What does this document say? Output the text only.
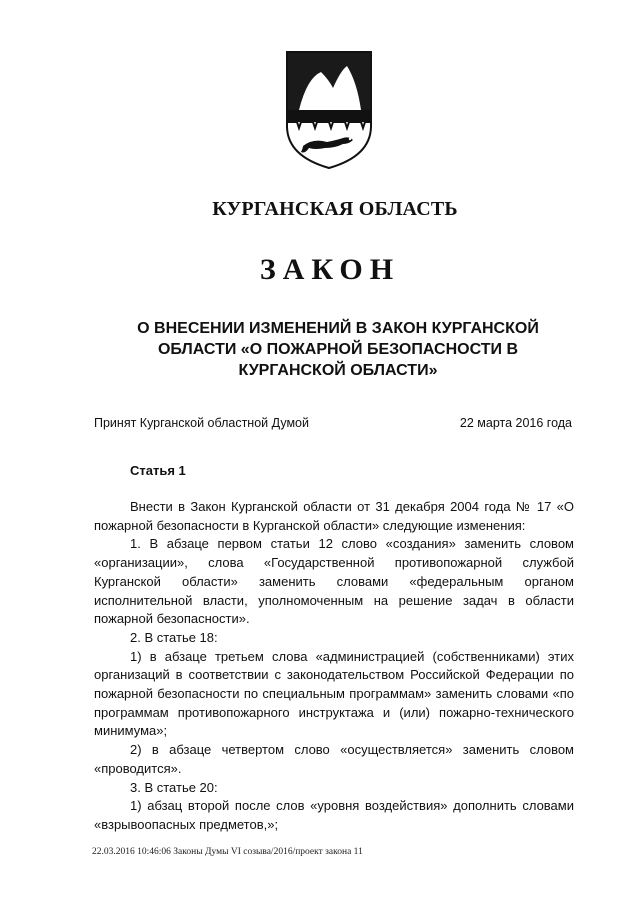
КУРГАНСКАЯ ОБЛАСТЬ
ЗАКОН
О ВНЕСЕНИИ ИЗМЕНЕНИЙ В ЗАКОН КУРГАНСКОЙ ОБЛАСТИ «О ПОЖАРНОЙ БЕЗОПАСНОСТИ В КУРГАНСКОЙ ОБЛАСТИ»
Принят Курганской областной Думой	22 марта 2016 года
Статья 1

Внести в Закон Курганской области от 31 декабря 2004 года № 17 «О пожарной безопасности в Курганской области» следующие изменения:

1. В абзаце первом статьи 12 слово «создания» заменить словом «организации», слова «Государственной противопожарной службой Курганской области» заменить словами «федеральным органом исполнительной власти, уполномоченным на решение задач в области пожарной безопасности».

2. В статье 18:

1) в абзаце третьем слова «администрацией (собственниками) этих организаций в соответствии с законодательством Российской Федерации по пожарной безопасности по специальным программам» заменить словами «по программам противопожарного инструктажа и (или) пожарно-технического минимума»;

2) в абзаце четвертом слово «осуществляется» заменить словом «проводится».

3. В статье 20:

1) абзац второй после слов «уровня воздействия» дополнить словами «взрывоопасных предметов,»;

22.03.2016 10:46:06 Законы Думы VI созыва/2016/проект закона 11
